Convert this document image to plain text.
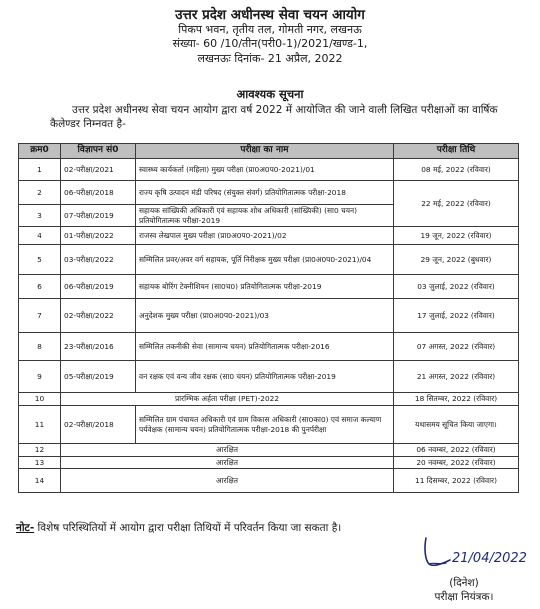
उत्तर प्रदेश अधीनस्थ सेवा चयन आयोग
पिकप भवन, तृतीय तल, गोमती नगर, लखनऊ
संख्या- 60 /10/तीन(परी0-1)/2021/खण्ड-1,
लखनऊः दिनांक- 21 अप्रैल, 2022
आवश्यक सूचना
उत्तर प्रदेश अधीनस्थ सेवा चयन आयोग द्वारा वर्ष 2022 में आयोजित की जाने वाली लिखित परीक्षाओं का वार्षिक कैलेण्डर निम्नवत है-
क्रम0	विज्ञापन सं0	परीक्षा का नाम	परीक्षा तिथि
1	02-परीक्षा/2021	स्वास्थ्य कार्यकर्ता (महिला) मुख्य परीक्षा (प्रा0अ0प0-2021)/01	08 मई, 2022 (रविवार)
2	06-परीक्षा/2018	राज्य कृषि उत्पादन मंडी परिषद (संयुक्त संवर्ग) प्रतियोगितात्मक परीक्षा-2018	22 मई, 2022 (रविवार)
3	07-परीक्षा/2019	सहायक सांख्यिकी अधिकारी एवं सहायक शोध अधिकारी (सांख्यिकी) (सा0 चयन) प्रतियोगितात्मक परीक्षा-2019	
4	01-परीक्षा/2022	राजस्व लेखपाल मुख्य परीक्षा (प्रा0अ0प0-2021)/02	19 जून, 2022 (रविवार)
5	03-परीक्षा/2022	सम्मिलित प्रवर/अवर वर्ग सहायक, पूर्ति निरीक्षक मुख्य परीक्षा (प्रा0अ0प0-2021)/04	29 जून, 2022 (बुधवार)
6	06-परीक्षा/2019	सहायक बोरिंग टेक्नीशियन (सा0च0) प्रतियोगितात्मक परीक्षा-2019	03 जुलाई, 2022 (रविवार)
7	02-परीक्षा/2022	अनुदेशक मुख्य परीक्षा (प्रा0अ0प0-2021)/03	17 जुलाई, 2022 (रविवार)
8	23-परीक्षा/2016	सम्मिलित तकनीकी सेवा (सामान्य चयन) प्रतियोगितात्मक परीक्षा-2016	07 अगस्त, 2022 (रविवार)
9	05-परीक्षा/2019	वन रक्षक एवं वन्य जीव रक्षक (सा0 चयन) प्रतियोगितात्मक परीक्षा-2019	21 अगस्त, 2022 (रविवार)
10	प्रारम्भिक अर्हता परीक्षा (PET)-2022		18 सितम्बर, 2022 (रविवार)
11	02-परीक्षा/2018	सम्मिलित ग्राम पंचायत अधिकारी एवं ग्राम विकास अधिकारी (सा0का0) एवं समाज कल्याण पर्यवेक्षक (सामान्य चयन) प्रतियोगितात्मक परीक्षा-2018 की पुनर्परीक्षा	यथासमय सूचित किया जाएगा।
12	आरक्षित		06 नवम्बर, 2022 (रविवार)
13	आरक्षित		20 नवम्बर, 2022 (रविवार)
14	आरक्षित		11 दिसम्बर, 2022 (रविवार)
नोट- विशेष परिस्थितियों में आयोग द्वारा परीक्षा तिथियों में परिवर्तन किया जा सकता है।
21/04/2022
(दिनेश)
परीक्षा नियंत्रक।
